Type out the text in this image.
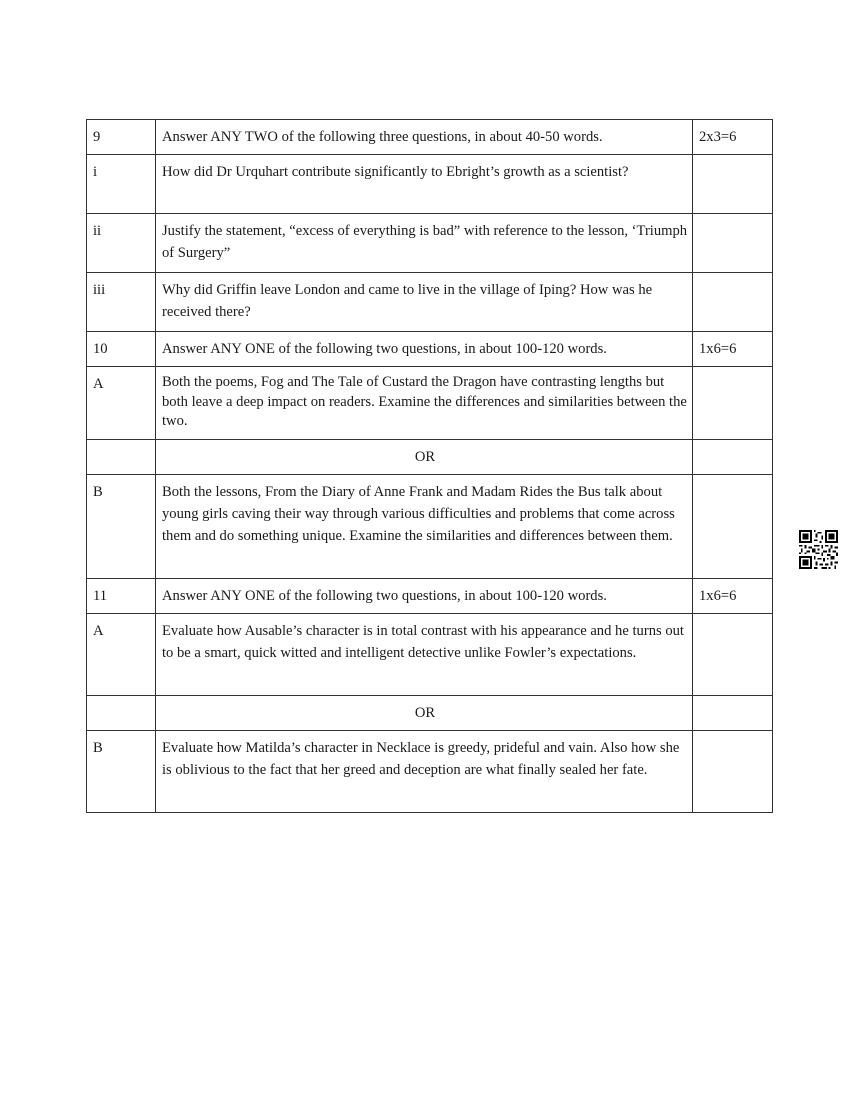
9	Answer ANY TWO of the following three questions, in about 40-50 words.	2x3=6
i	How did Dr Urquhart contribute significantly to Ebright’s growth as a scientist?	
ii	Justify the statement, “excess of everything is bad” with reference to the lesson, ‘Triumph of Surgery”	
iii	Why did Griffin leave London and came to live in the village of Iping? How was he received there?	
10	Answer ANY ONE of the following two questions, in about 100-120 words.	1x6=6
A	Both the poems, Fog and The Tale of Custard the Dragon have contrasting lengths but both leave a deep impact on readers. Examine the differences and similarities between the two.	
	OR	
B	Both the lessons, From the Diary of Anne Frank and Madam Rides the Bus talk about young girls caving their way through various difficulties and problems that come across them and do something unique. Examine the similarities and differences between them.	
11	Answer ANY ONE of the following two questions, in about 100-120 words.	1x6=6
A	Evaluate how Ausable’s character is in total contrast with his appearance and he turns out to be a smart, quick witted and intelligent detective unlike Fowler’s expectations.	
	OR	
B	Evaluate how Matilda’s character in Necklace is greedy, prideful and vain. Also how she is oblivious to the fact that her greed and deception are what finally sealed her fate.	
